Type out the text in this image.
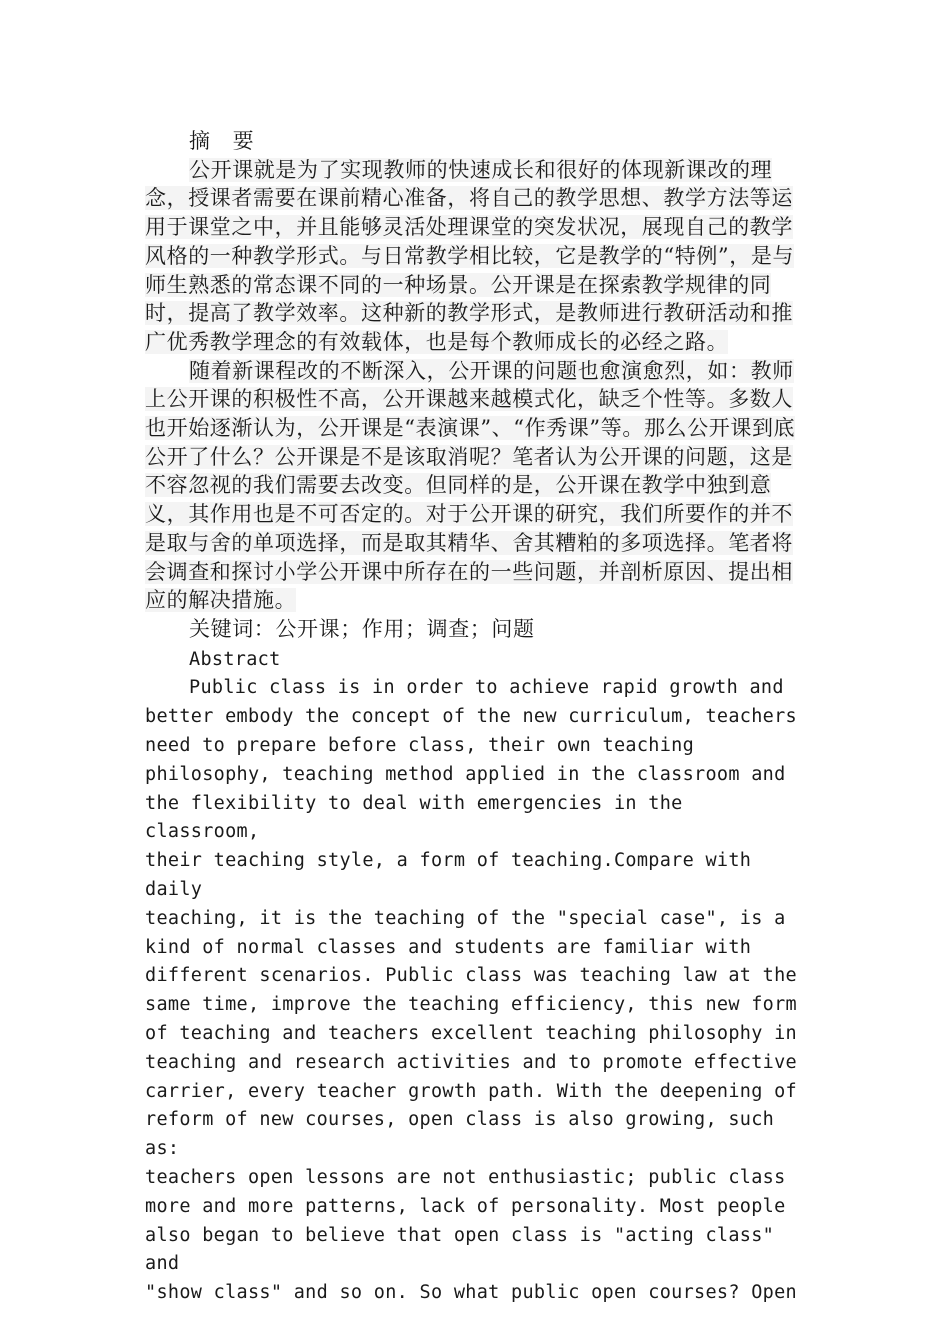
摘 要

公开课就是为了实现教师的快速成长和很好的体现新课改的理念，授课者需要在课前精心准备，将自己的教学思想、教学方法等运用于课堂之中，并且能够灵活处理课堂的突发状况，展现自己的教学风格的一种教学形式。与日常教学相比较，它是教学的“特例”，是与师生熟悉的常态课不同的一种场景。公开课是在探索教学规律的同时，提高了教学效率。这种新的教学形式，是教师进行教研活动和推广优秀教学理念的有效载体，也是每个教师成长的必经之路。

随着新课程改的不断深入，公开课的问题也愈演愈烈，如：教师上公开课的积极性不高，公开课越来越模式化，缺乏个性等。多数人也开始逐渐认为，公开课是“表演课”、“作秀课”等。那么公开课到底公开了什么？公开课是不是该取消呢？笔者认为公开课的问题，这是不容忽视的我们需要去改变。但同样的是，公开课在教学中独到意义，其作用也是不可否定的。对于公开课的研究，我们所要作的并不是取与舍的单项选择，而是取其精华、舍其糟粕的多项选择。笔者将会调查和探讨小学公开课中所存在的一些问题，并剖析原因、提出相应的解决措施。

关键词：公开课；作用；调查；问题

Abstract

Public class is in order to achieve rapid growth and

better embody the concept of the new curriculum, teachers

need to prepare before class, their own teaching

philosophy, teaching method applied in the classroom and

the flexibility to deal with emergencies in the classroom,

their teaching style, a form of teaching.Compare with daily

teaching, it is the teaching of the "special case", is a

kind of normal classes and students are familiar with

different scenarios. Public class was teaching law at the

same time, improve the teaching efficiency, this new form

of teaching and teachers excellent teaching philosophy in

teaching and research activities and to promote effective

carrier, every teacher growth path. With the deepening of

reform of new courses, open class is also growing, such as:

teachers open lessons are not enthusiastic; public class

more and more patterns, lack of personality. Most people

also began to believe that open class is "acting class" and

"show class" and so on. So what public open courses? Open
